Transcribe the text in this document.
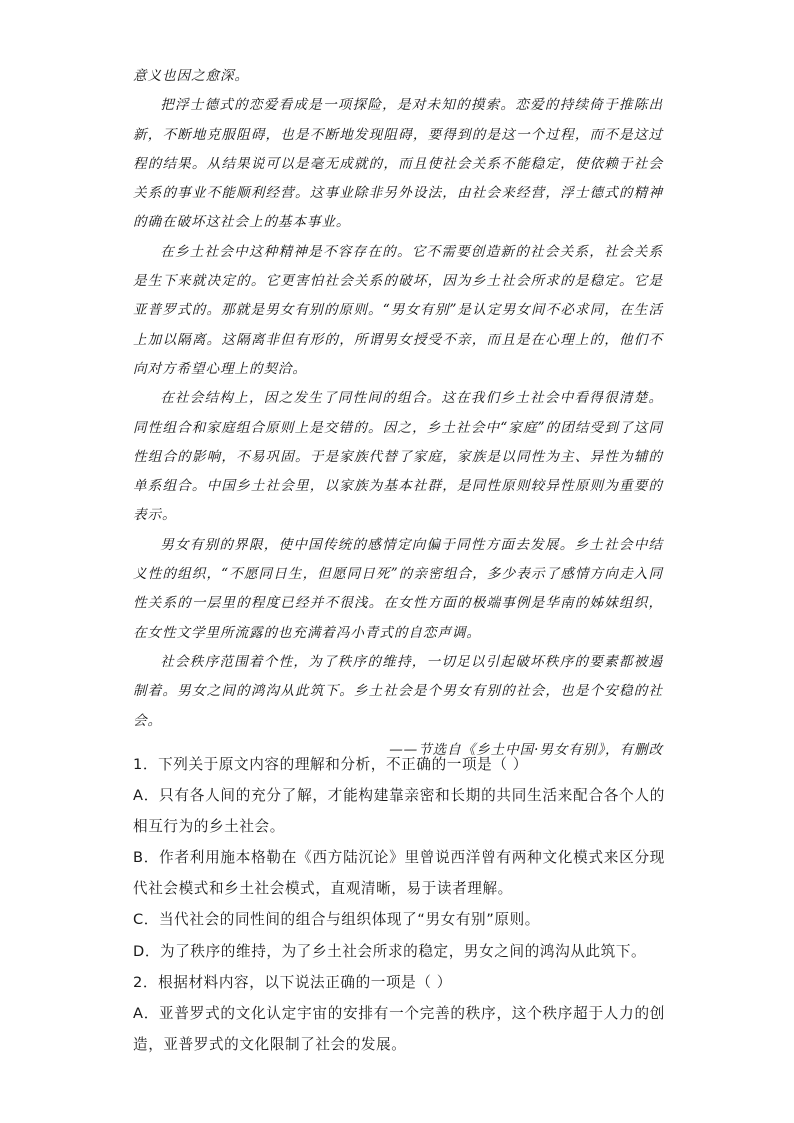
意义也因之愈深。

把浮士德式的恋爱看成是一项探险，是对未知的摸索。恋爱的持续倚于推陈出新，不断地克服阻碍，也是不断地发现阻碍，要得到的是这一个过程，而不是这过程的结果。从结果说可以是毫无成就的，而且使社会关系不能稳定，使依赖于社会关系的事业不能顺利经营。这事业除非另外设法，由社会来经营，浮士德式的精神的确在破坏这社会上的基本事业。

在乡土社会中这种精神是不容存在的。它不需要创造新的社会关系，社会关系是生下来就决定的。它更害怕社会关系的破坏，因为乡土社会所求的是稳定。它是亚普罗式的。那就是男女有别的原则。“男女有别”是认定男女间不必求同，在生活上加以隔离。这隔离非但有形的，所谓男女授受不亲，而且是在心理上的，他们不向对方希望心理上的契洽。

在社会结构上，因之发生了同性间的组合。这在我们乡土社会中看得很清楚。同性组合和家庭组合原则上是交错的。因之，乡土社会中“家庭”的团结受到了这同性组合的影响，不易巩固。于是家族代替了家庭，家族是以同性为主、异性为辅的单系组合。中国乡土社会里，以家族为基本社群，是同性原则较异性原则为重要的表示。

男女有别的界限，使中国传统的感情定向偏于同性方面去发展。乡土社会中结义性的组织，“不愿同日生，但愿同日死”的亲密组合，多少表示了感情方向走入同性关系的一层里的程度已经并不很浅。在女性方面的极端事例是华南的姊妹组织，在女性文学里所流露的也充满着冯小青式的自恋声调。

社会秩序范围着个性，为了秩序的维持，一切足以引起破坏秩序的要素都被遏制着。男女之间的鸿沟从此筑下。乡土社会是个男女有别的社会，也是个安稳的社会。

——节选自《乡土中国·男女有别》，有删改

1．下列关于原文内容的理解和分析，不正确的一项是（ ）

A．只有各人间的充分了解，才能构建靠亲密和长期的共同生活来配合各个人的相互行为的乡土社会。

B．作者利用施本格勒在《西方陆沉论》里曾说西洋曾有两种文化模式来区分现代社会模式和乡土社会模式，直观清晰，易于读者理解。

C．当代社会的同性间的组合与组织体现了“男女有别”原则。

D．为了秩序的维持，为了乡土社会所求的稳定，男女之间的鸿沟从此筑下。

2．根据材料内容，以下说法正确的一项是（ ）

A．亚普罗式的文化认定宇宙的安排有一个完善的秩序，这个秩序超于人力的创造，亚普罗式的文化限制了社会的发展。
